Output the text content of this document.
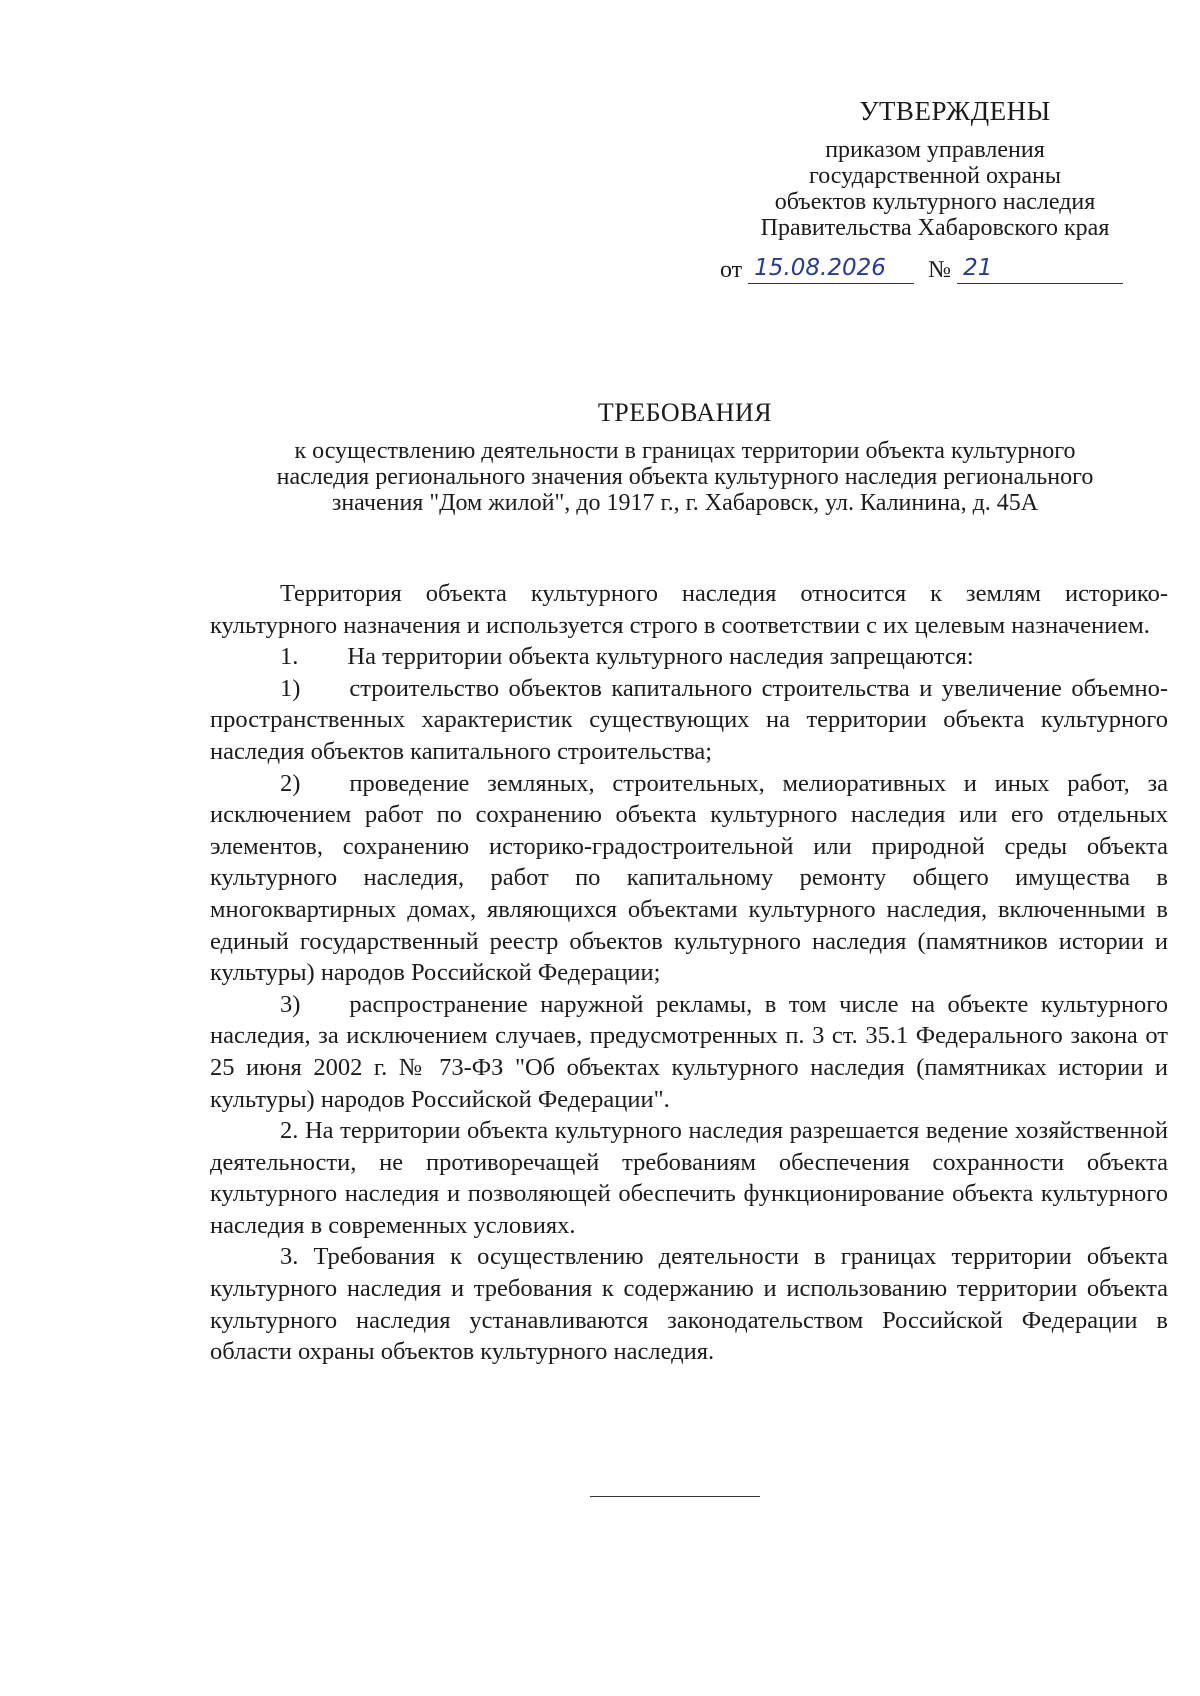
УТВЕРЖДЕНЫ
приказом управления
государственной охраны
объектов культурного наследия
Правительства Хабаровского края
от 15.08.2026	№ 21
ТРЕБОВАНИЯ
к осуществлению деятельности в границах территории объекта культурного
наследия регионального значения объекта культурного наследия регионального
значения "Дом жилой", до 1917 г., г. Хабаровск, ул. Калинина, д. 45А

Территория объекта культурного наследия относится к землям историко-культурного назначения и используется строго в соответствии с их целевым назначением.

1.  На территории объекта культурного наследия запрещаются:

1)  строительство объектов капитального строительства и увеличение объемно-пространственных характеристик существующих на территории объекта культурного наследия объектов капитального строительства;

2)  проведение земляных, строительных, мелиоративных и иных работ, за исключением работ по сохранению объекта культурного наследия или его отдельных элементов, сохранению историко-градостроительной или природной среды объекта культурного наследия, работ по капитальному ремонту общего имущества в многоквартирных домах, являющихся объектами культурного наследия, включенными в единый государственный реестр объектов культурного наследия (памятников истории и культуры) народов Российской Федерации;

3)  распространение наружной рекламы, в том числе на объекте культурного наследия, за исключением случаев, предусмотренных п. 3 ст. 35.1 Федерального закона от 25 июня 2002 г. № 73-ФЗ "Об объектах культурного наследия (памятниках истории и культуры) народов Российской Федерации".

2. На территории объекта культурного наследия разрешается ведение хозяйственной деятельности, не противоречащей требованиям обеспечения сохранности объекта культурного наследия и позволяющей обеспечить функционирование объекта культурного наследия в современных условиях.

3. Требования к осуществлению деятельности в границах территории объекта культурного наследия и требования к содержанию и использованию территории объекта культурного наследия устанавливаются законодательством Российской Федерации в области охраны объектов культурного наследия.
